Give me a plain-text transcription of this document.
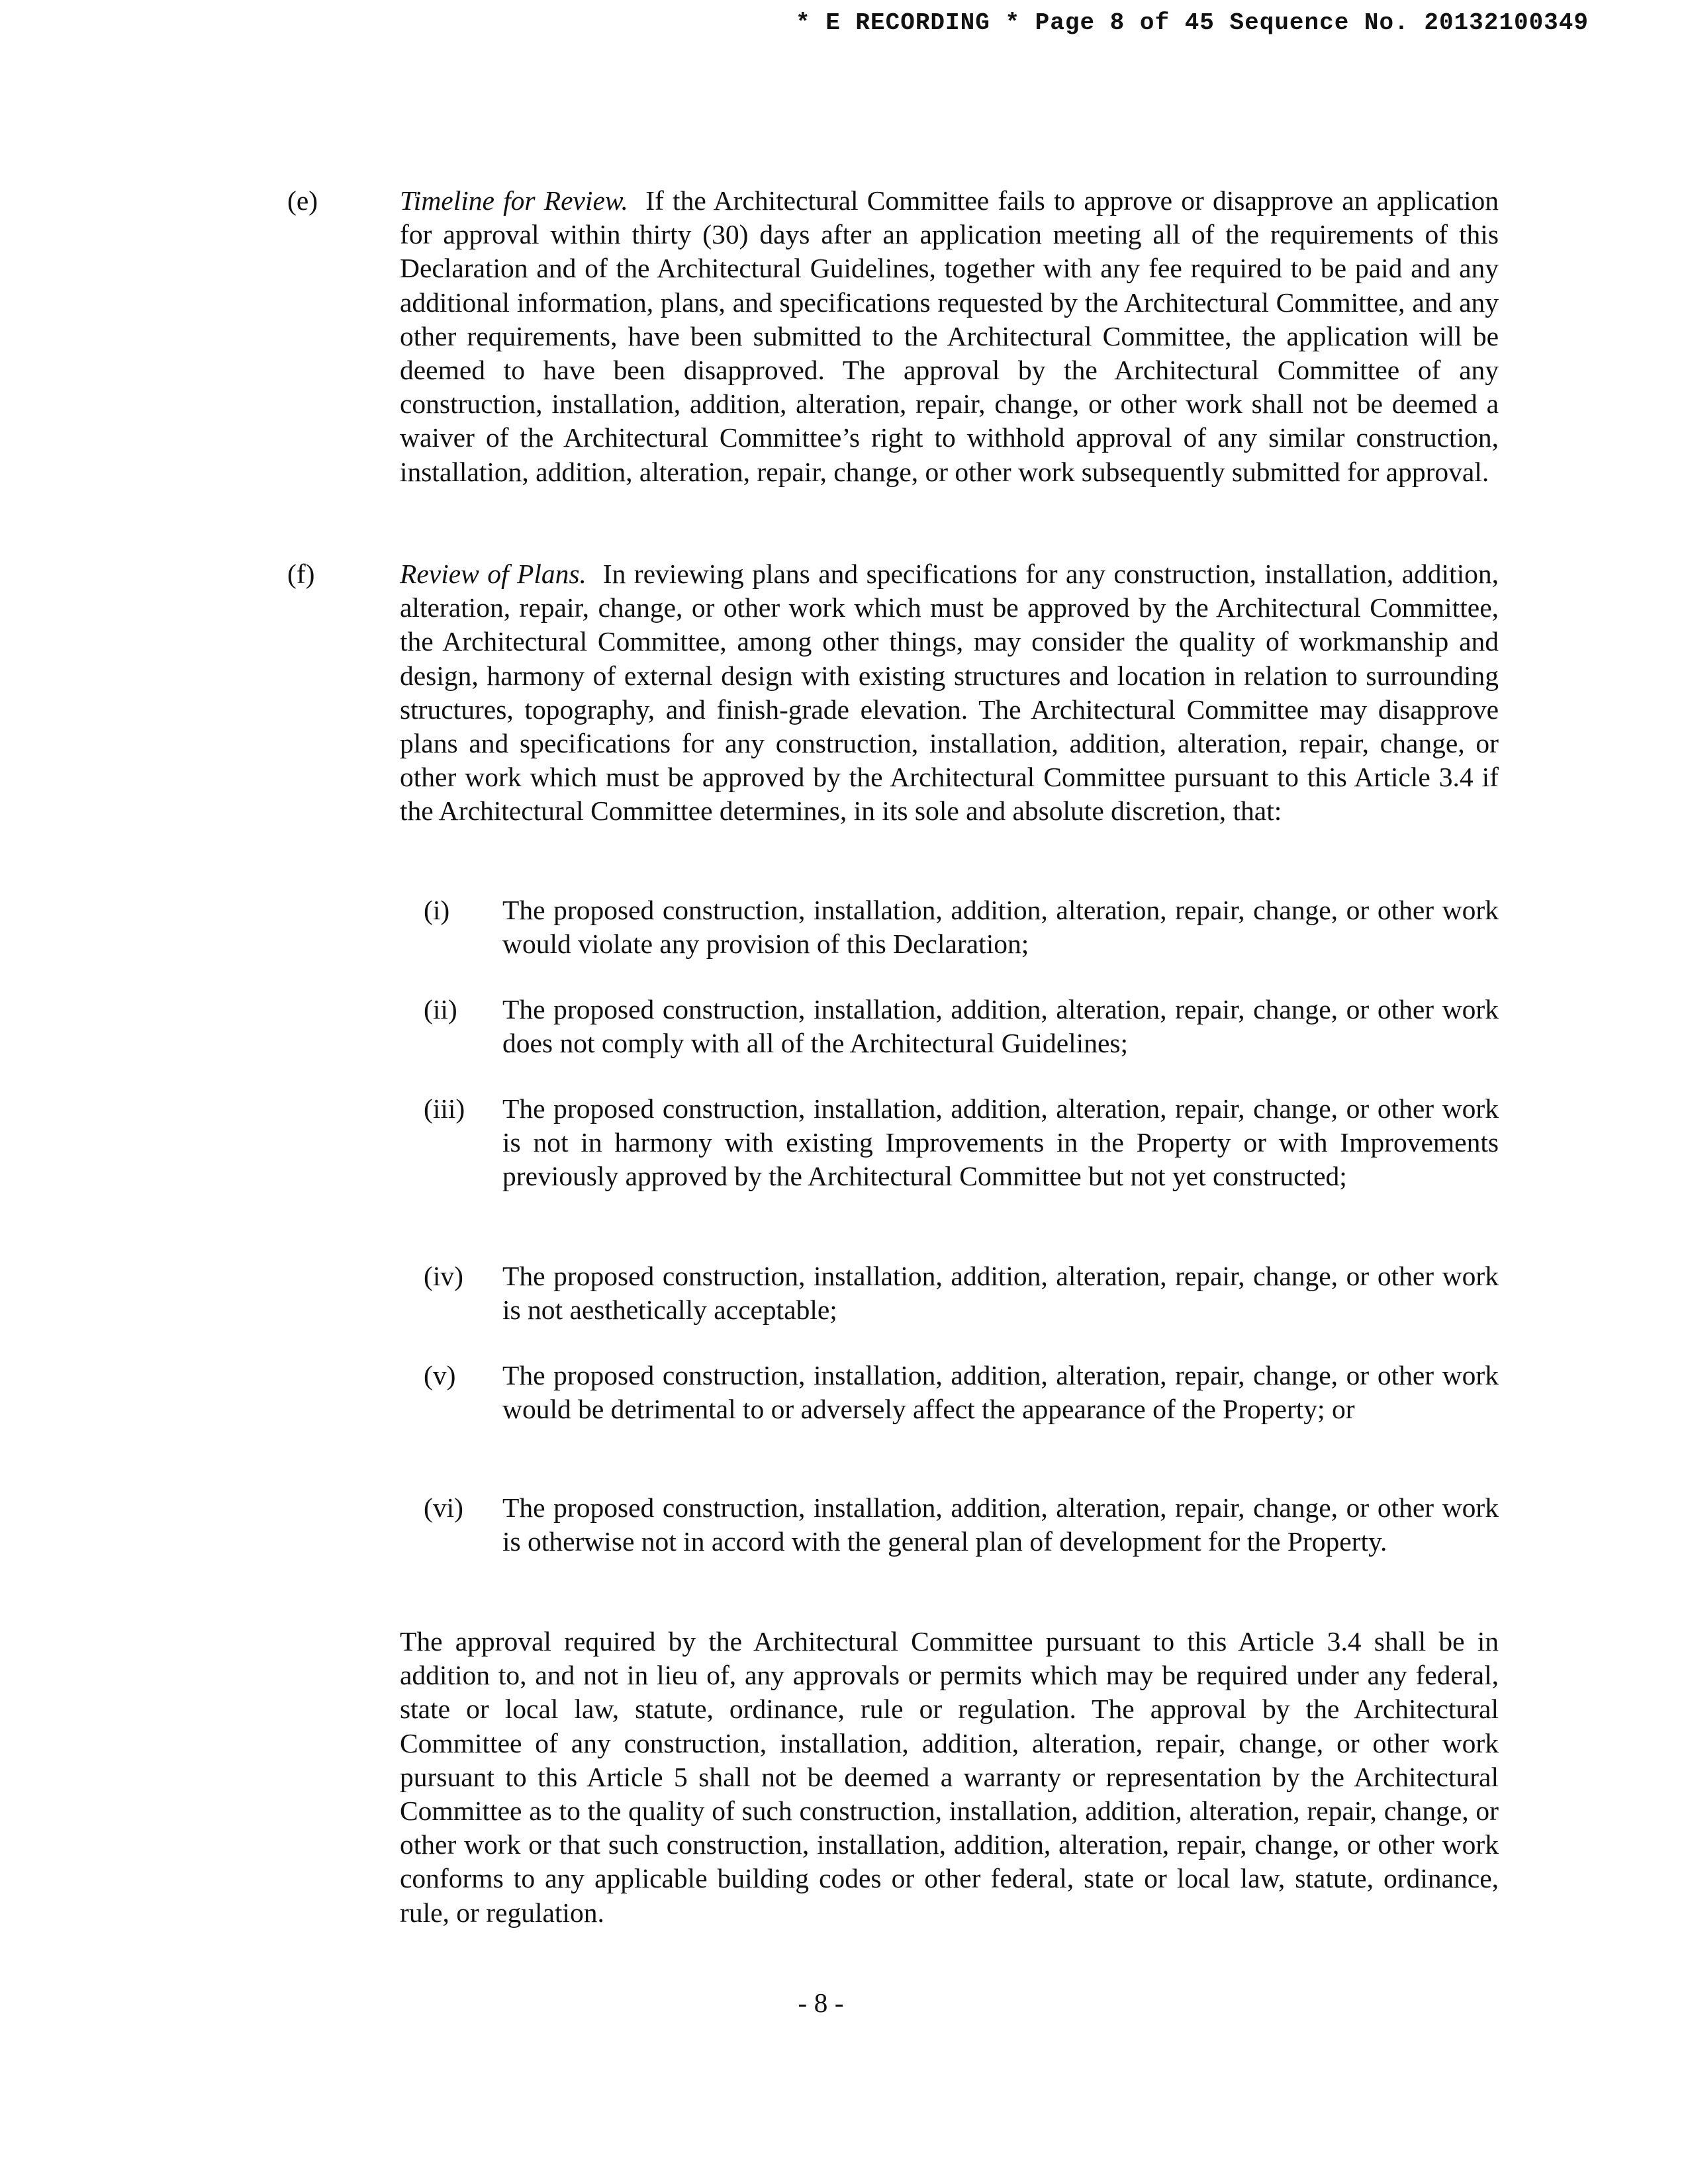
* E RECORDING * Page 8 of 45 Sequence No. 20132100349
(e)	Timeline for Review. If the Architectural Committee fails to approve or disapprove an application for approval within thirty (30) days after an application meeting all of the requirements of this Declaration and of the Architectural Guidelines, together with any fee required to be paid and any additional information, plans, and specifications requested by the Architectural Committee, and any other requirements, have been submitted to the Architectural Committee, the application will be deemed to have been disapproved. The approval by the Architectural Committee of any construction, installation, addition, alteration, repair, change, or other work shall not be deemed a waiver of the Architectural Committee’s right to withhold approval of any similar construction, installation, addition, alteration, repair, change, or other work subsequently submitted for approval.

(f)	Review of Plans. In reviewing plans and specifications for any construction, installation, addition, alteration, repair, change, or other work which must be approved by the Architectural Committee, the Architectural Committee, among other things, may consider the quality of workmanship and design, harmony of external design with existing structures and location in relation to surrounding structures, topography, and finish-grade elevation. The Architectural Committee may disapprove plans and specifications for any construction, installation, addition, alteration, repair, change, or other work which must be approved by the Architectural Committee pursuant to this Article 3.4 if the Architectural Committee determines, in its sole and absolute discretion, that:

(i) The proposed construction, installation, addition, alteration, repair, change, or other work would violate any provision of this Declaration;

(ii) The proposed construction, installation, addition, alteration, repair, change, or other work does not comply with all of the Architectural Guidelines;

(iii) The proposed construction, installation, addition, alteration, repair, change, or other work is not in harmony with existing Improvements in the Property or with Improvements previously approved by the Architectural Committee but not yet constructed;

(iv) The proposed construction, installation, addition, alteration, repair, change, or other work is not aesthetically acceptable;

(v) The proposed construction, installation, addition, alteration, repair, change, or other work would be detrimental to or adversely affect the appearance of the Property; or

(vi) The proposed construction, installation, addition, alteration, repair, change, or other work is otherwise not in accord with the general plan of development for the Property.

The approval required by the Architectural Committee pursuant to this Article 3.4 shall be in addition to, and not in lieu of, any approvals or permits which may be required under any federal, state or local law, statute, ordinance, rule or regulation. The approval by the Architectural Committee of any construction, installation, addition, alteration, repair, change, or other work pursuant to this Article 5 shall not be deemed a warranty or representation by the Architectural Committee as to the quality of such construction, installation, addition, alteration, repair, change, or other work or that such construction, installation, addition, alteration, repair, change, or other work conforms to any applicable building codes or other federal, state or local law, statute, ordinance, rule, or regulation.

- 8 -
